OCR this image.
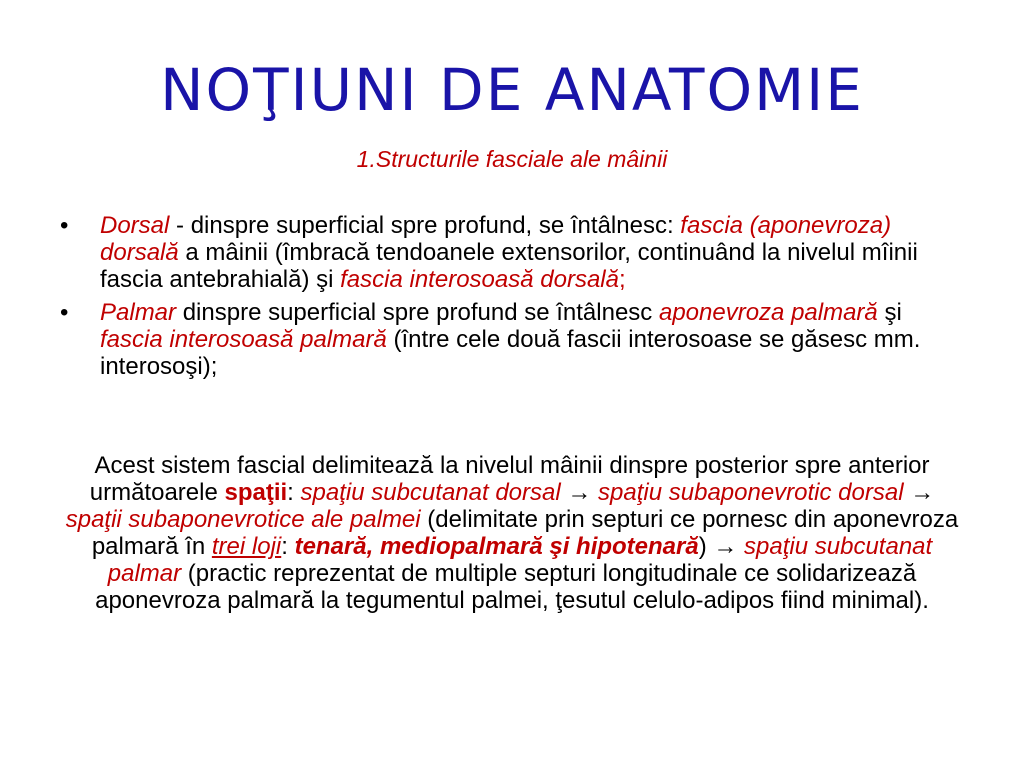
NOŢIUNI DE ANATOMIE

1.Structurile fasciale ale mâinii

• Dorsal - dinspre superficial spre profund, se întâlnesc: fascia (aponevroza) dorsală a mâinii (îmbracă tendoanele extensorilor, continuând la nivelul mîinii fascia antebrahială) şi fascia interosoasă dorsală;
• Palmar dinspre superficial spre profund se întâlnesc aponevroza palmară şi fascia interosoasă palmară (între cele două fascii interosoase se găsesc mm. interosoşi);

Acest sistem fascial delimitează la nivelul mâinii dinspre posterior spre anterior următoarele spaţii: spaţiu subcutanat dorsal → spaţiu subaponevrotic dorsal → spaţii subaponevrotice ale palmei (delimitate prin septuri ce pornesc din aponevroza palmară în trei loji: tenară, mediopalmară şi hipotenară) → spaţiu subcutanat palmar (practic reprezentat de multiple septuri longitudinale ce solidarizează aponevroza palmară la tegumentul palmei, ţesutul celulo-adipos fiind minimal).
